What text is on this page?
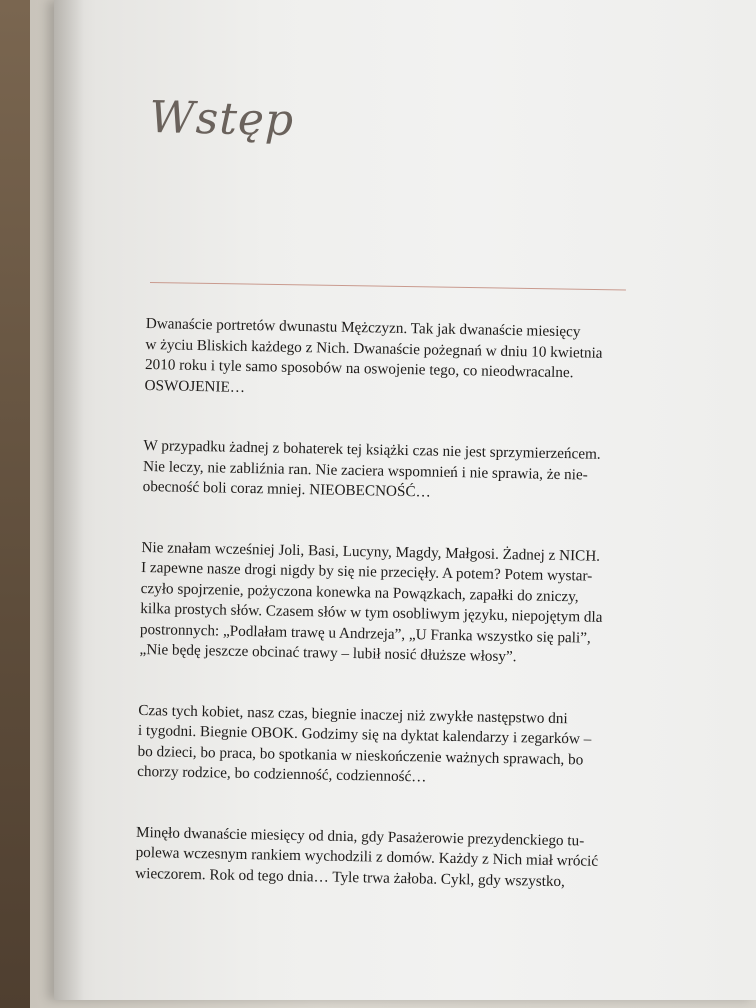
Wstęp

Dwanaście portretów dwunastu Mężczyzn. Tak jak dwanaście miesięcy
w życiu Bliskich każdego z Nich. Dwanaście pożegnań w dniu 10 kwietnia
2010 roku i tyle samo sposobów na oswojenie tego, co nieodwracalne.
OSWOJENIE…

W przypadku żadnej z bohaterek tej książki czas nie jest sprzymierzeńcem.
Nie leczy, nie zabliźnia ran. Nie zaciera wspomnień i nie sprawia, że nie-
obecność boli coraz mniej. NIEOBECNOŚĆ…

Nie znałam wcześniej Joli, Basi, Lucyny, Magdy, Małgosi. Żadnej z NICH.
I zapewne nasze drogi nigdy by się nie przecięły. A potem? Potem wystar-
czyło spojrzenie, pożyczona konewka na Powązkach, zapałki do zniczy,
kilka prostych słów. Czasem słów w tym osobliwym języku, niepojętym dla
postronnych: „Podlałam trawę u Andrzeja”, „U Franka wszystko się pali”,
„Nie będę jeszcze obcinać trawy – lubił nosić dłuższe włosy”.

Czas tych kobiet, nasz czas, biegnie inaczej niż zwykłe następstwo dni
i tygodni. Biegnie OBOK. Godzimy się na dyktat kalendarzy i zegarków –
bo dzieci, bo praca, bo spotkania w nieskończenie ważnych sprawach, bo
chorzy rodzice, bo codzienność, codzienność…

Minęło dwanaście miesięcy od dnia, gdy Pasażerowie prezydenckiego tu-
polewa wczesnym rankiem wychodzili z domów. Każdy z Nich miał wrócić
wieczorem. Rok od tego dnia… Tyle trwa żałoba. Cykl, gdy wszystko,
